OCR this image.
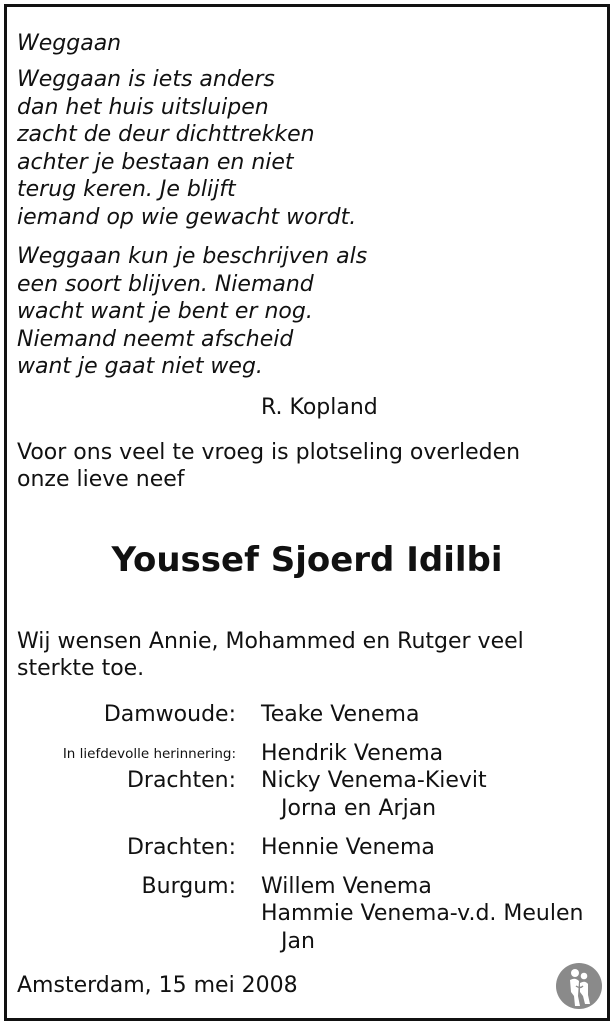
Weggaan
Weggaan is iets anders
dan het huis uitsluipen
zacht de deur dichttrekken
achter je bestaan en niet
terug keren. Je blijft
iemand op wie gewacht wordt.
Weggaan kun je beschrijven als
een soort blijven. Niemand
wacht want je bent er nog.
Niemand neemt afscheid
want je gaat niet weg.
R. Kopland
Voor ons veel te vroeg is plotseling overleden
onze lieve neef
Youssef Sjoerd Idilbi
Wij wensen Annie, Mohammed en Rutger veel
sterkte toe.
Damwoude: Teake Venema
In liefdevolle herinnering: Hendrik Venema
Drachten: Nicky Venema-Kievit
Jorna en Arjan
Drachten: Hennie Venema
Burgum: Willem Venema
Hammie Venema-v.d. Meulen
Jan
Amsterdam, 15 mei 2008
